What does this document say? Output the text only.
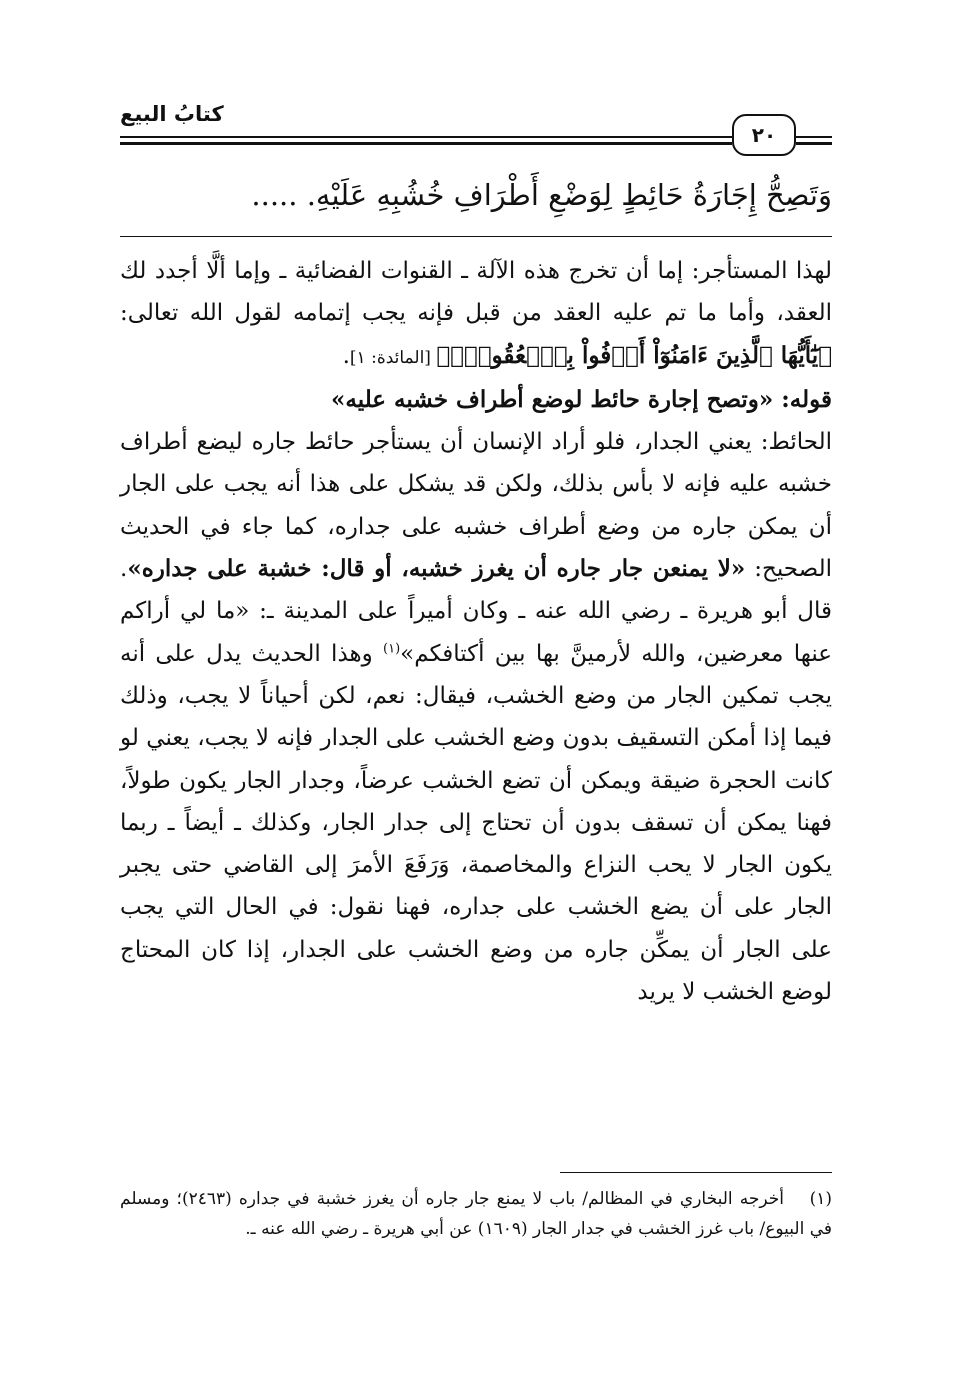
كتابُ البيع
٢٠
وَتَصِحُّ إِجَارَةُ حَائِطٍ لِوَضْعِ أَطْرَافِ خُشُبِهِ عَلَيْهِ. .....

لهذا المستأجر: إما أن تخرج هذه الآلة ـ القنوات الفضائية ـ وإما ألَّا أجدد لك العقد، وأما ما تم عليه العقد من قبل فإنه يجب إتمامه لقول الله تعالى: ﴿يَٰٓأَيُّهَا ٱلَّذِينَ ءَامَنُوٓاْ أَوۡفُواْ بِٱلۡعُقُودِۚ﴾ [المائدة: ١].

قوله: «وتصح إجارة حائط لوضع أطراف خشبه عليه»

الحائط: يعني الجدار، فلو أراد الإنسان أن يستأجر حائط جاره ليضع أطراف خشبه عليه فإنه لا بأس بذلك، ولكن قد يشكل على هذا أنه يجب على الجار أن يمكن جاره من وضع أطراف خشبه على جداره، كما جاء في الحديث الصحيح: «لا يمنعن جار جاره أن يغرز خشبه، أو قال: خشبة على جداره». قال أبو هريرة ـ رضي الله عنه ـ وكان أميراً على المدينة ـ: «ما لي أراكم عنها معرضين، والله لأرمينَّ بها بين أكتافكم»$^{(١)}$ وهذا الحديث يدل على أنه يجب تمكين الجار من وضع الخشب، فيقال: نعم، لكن أحياناً لا يجب، وذلك فيما إذا أمكن التسقيف بدون وضع الخشب على الجدار فإنه لا يجب، يعني لو كانت الحجرة ضيقة ويمكن أن تضع الخشب عرضاً، وجدار الجار يكون طولاً، فهنا يمكن أن تسقف بدون أن تحتاج إلى جدار الجار، وكذلك ـ أيضاً ـ ربما يكون الجار لا يحب النزاع والمخاصمة، وَرَفَعَ الأمرَ إلى القاضي حتى يجبر الجار على أن يضع الخشب على جداره، فهنا نقول: في الحال التي يجب على الجار أن يمكِّن جاره من وضع الخشب على الجدار، إذا كان المحتاج لوضع الخشب لا يريد

(١)أخرجه البخاري في المظالم/ باب لا يمنع جار جاره أن يغرز خشبة في جداره (٢٤٦٣)؛ ومسلم في البيوع/ باب غرز الخشب في جدار الجار (١٦٠٩) عن أبي هريرة ـ رضي الله عنه ـ.
